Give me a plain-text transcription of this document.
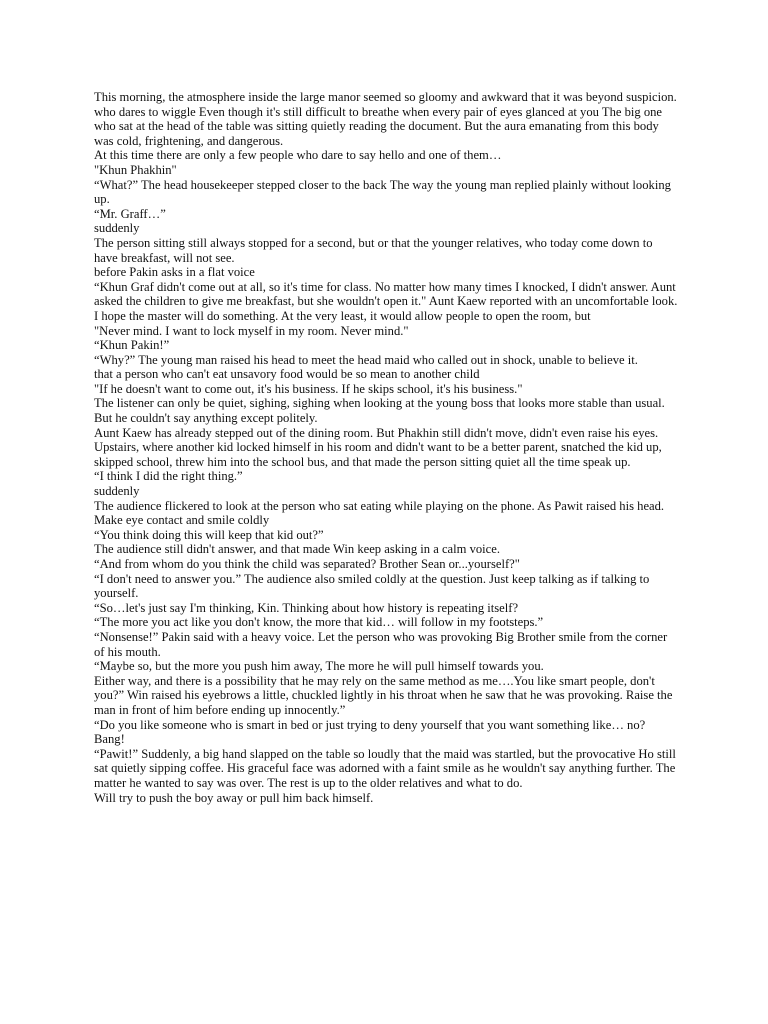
This morning, the atmosphere inside the large manor seemed so gloomy and awkward that it was beyond suspicion. who dares to wiggle Even though it's still difficult to breathe when every pair of eyes glanced at you The big one who sat at the head of the table was sitting quietly reading the document. But the aura emanating from this body was cold, frightening, and dangerous.

At this time there are only a few people who dare to say hello and one of them…

"Khun Phakhin"

“What?” The head housekeeper stepped closer to the back The way the young man replied plainly without looking up.

“Mr. Graff…”

suddenly

The person sitting still always stopped for a second, but or that the younger relatives, who today come down to have breakfast, will not see.

before Pakin asks in a flat voice

“Khun Graf didn't come out at all, so it's time for class. No matter how many times I knocked, I didn't answer. Aunt asked the children to give me breakfast, but she wouldn't open it." Aunt Kaew reported with an uncomfortable look.

I hope the master will do something. At the very least, it would allow people to open the room, but

"Never mind. I want to lock myself in my room. Never mind."

“Khun Pakin!”

“Why?” The young man raised his head to meet the head maid who called out in shock, unable to believe it.

that a person who can't eat unsavory food would be so mean to another child

"If he doesn't want to come out, it's his business. If he skips school, it's his business."

The listener can only be quiet, sighing, sighing when looking at the young boss that looks more stable than usual. But he couldn't say anything except politely.

Aunt Kaew has already stepped out of the dining room. But Phakhin still didn't move, didn't even raise his eyes.

Upstairs, where another kid locked himself in his room and didn't want to be a better parent, snatched the kid up, skipped school, threw him into the school bus, and that made the person sitting quiet all the time speak up.

“I think I did the right thing.”

suddenly

The audience flickered to look at the person who sat eating while playing on the phone. As Pawit raised his head.

Make eye contact and smile coldly

“You think doing this will keep that kid out?”

The audience still didn't answer, and that made Win keep asking in a calm voice.

“And from whom do you think the child was separated? Brother Sean or...yourself?"

“I don't need to answer you.” The audience also smiled coldly at the question. Just keep talking as if talking to yourself.

“So…let's just say I'm thinking, Kin. Thinking about how history is repeating itself?

“The more you act like you don't know, the more that kid… will follow in my footsteps.”

“Nonsense!” Pakin said with a heavy voice. Let the person who was provoking Big Brother smile from the corner of his mouth.

“Maybe so, but the more you push him away, The more he will pull himself towards you.

Either way, and there is a possibility that he may rely on the same method as me….You like smart people, don't you?” Win raised his eyebrows a little, chuckled lightly in his throat when he saw that he was provoking. Raise the man in front of him before ending up innocently.”

“Do you like someone who is smart in bed or just trying to deny yourself that you want something like… no?

Bang!

“Pawit!” Suddenly, a big hand slapped on the table so loudly that the maid was startled, but the provocative Ho still sat quietly sipping coffee. His graceful face was adorned with a faint smile as he wouldn't say anything further. The matter he wanted to say was over. The rest is up to the older relatives and what to do.

Will try to push the boy away or pull him back himself.
